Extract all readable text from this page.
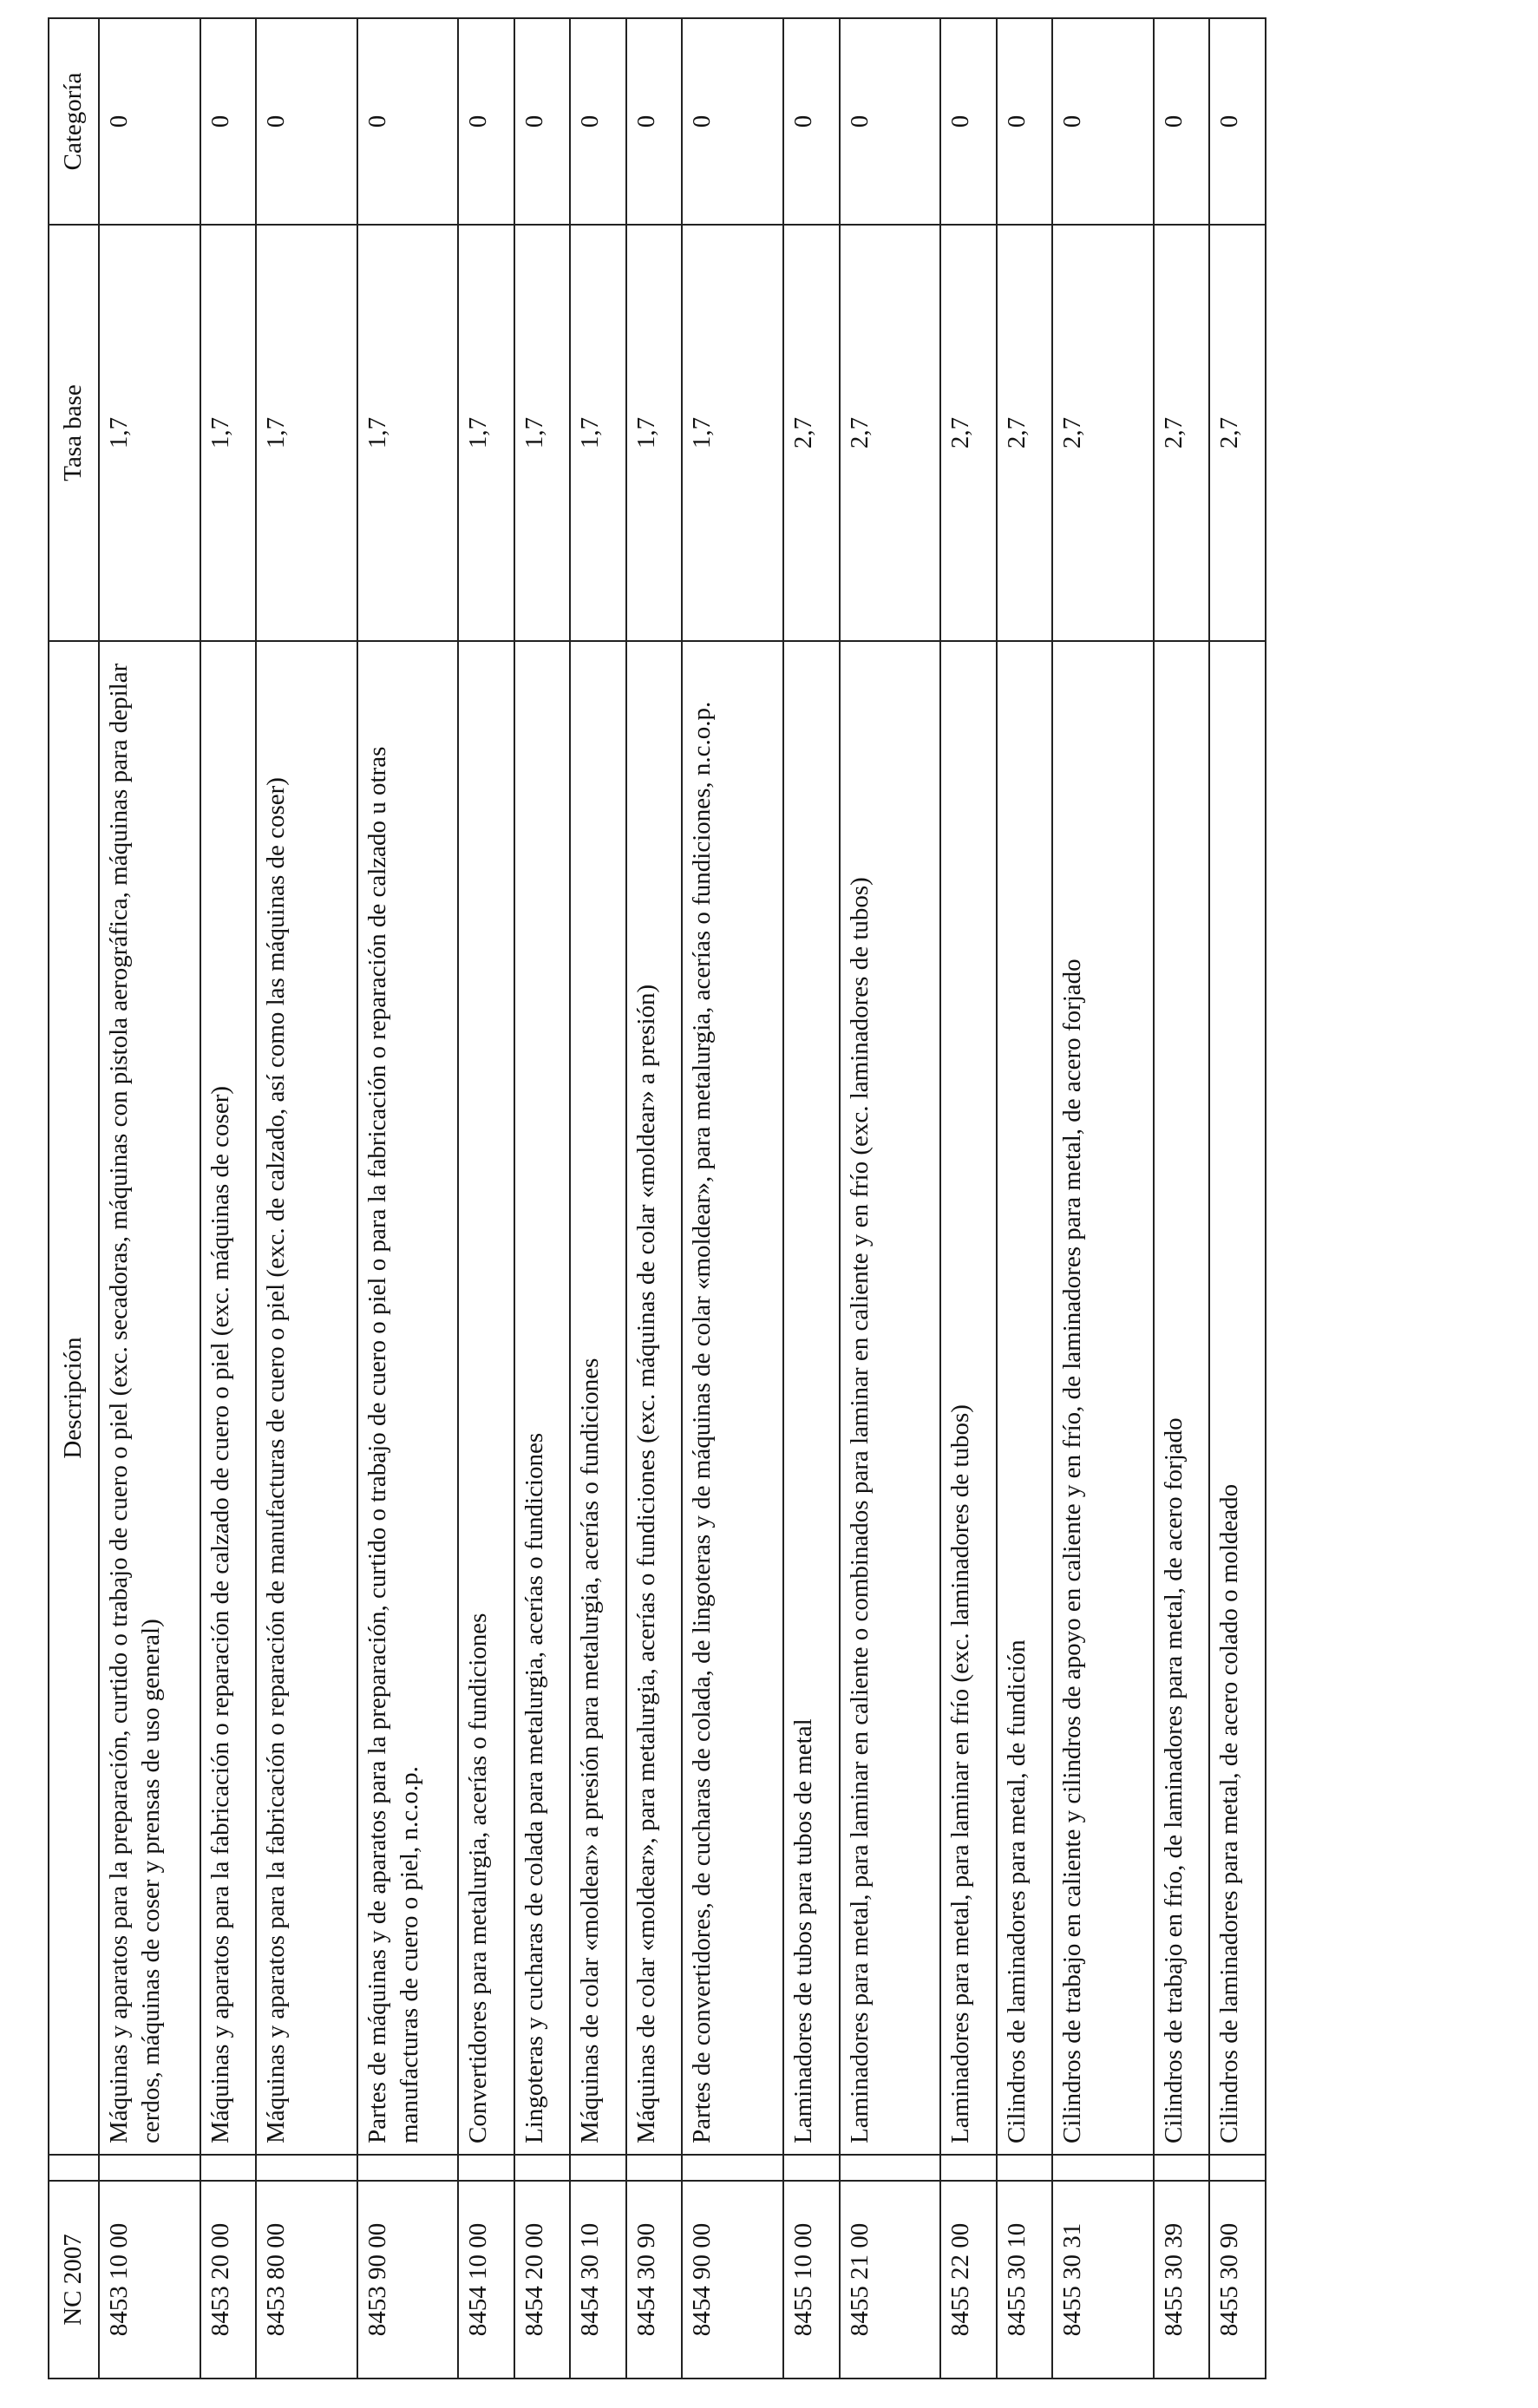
NC 2007		Descripción	Tasa base	Categoría
8453 10 00		Máquinas y aparatos para la preparación, curtido o trabajo de cuero o piel (exc. secadoras, máquinas con pistola aerográfica, máquinas para depilar cerdos, máquinas de coser y prensas de uso general)	1,7	0
8453 20 00		Máquinas y aparatos para la fabricación o reparación de calzado de cuero o piel (exc. máquinas de coser)	1,7	0
8453 80 00		Máquinas y aparatos para la fabricación o reparación de manufacturas de cuero o piel (exc. de calzado, así como las máquinas de coser)	1,7	0
8453 90 00		Partes de máquinas y de aparatos para la preparación, curtido o trabajo de cuero o piel o para la fabricación o reparación de calzado u otras manufacturas de cuero o piel, n.c.o.p.	1,7	0
8454 10 00		Convertidores para metalurgia, acerías o fundiciones	1,7	0
8454 20 00		Lingoteras y cucharas de colada para metalurgia, acerías o fundiciones	1,7	0
8454 30 10		Máquinas de colar «moldear» a presión para metalurgia, acerías o fundiciones	1,7	0
8454 30 90		Máquinas de colar «moldear», para metalurgia, acerías o fundiciones (exc. máquinas de colar «moldear» a presión)	1,7	0
8454 90 00		Partes de convertidores, de cucharas de colada, de lingoteras y de máquinas de colar «moldear», para metalurgia, acerías o fundiciones, n.c.o.p.	1,7	0
8455 10 00		Laminadores de tubos para tubos de metal	2,7	0
8455 21 00		Laminadores para metal, para laminar en caliente o combinados para laminar en caliente y en frío (exc. laminadores de tubos)	2,7	0
8455 22 00		Laminadores para metal, para laminar en frío (exc. laminadores de tubos)	2,7	0
8455 30 10		Cilindros de laminadores para metal, de fundición	2,7	0
8455 30 31		Cilindros de trabajo en caliente y cilindros de apoyo en caliente y en frío, de laminadores para metal, de acero forjado	2,7	0
8455 30 39		Cilindros de trabajo en frío, de laminadores para metal, de acero forjado	2,7	0
8455 30 90		Cilindros de laminadores para metal, de acero colado o moldeado	2,7	0
